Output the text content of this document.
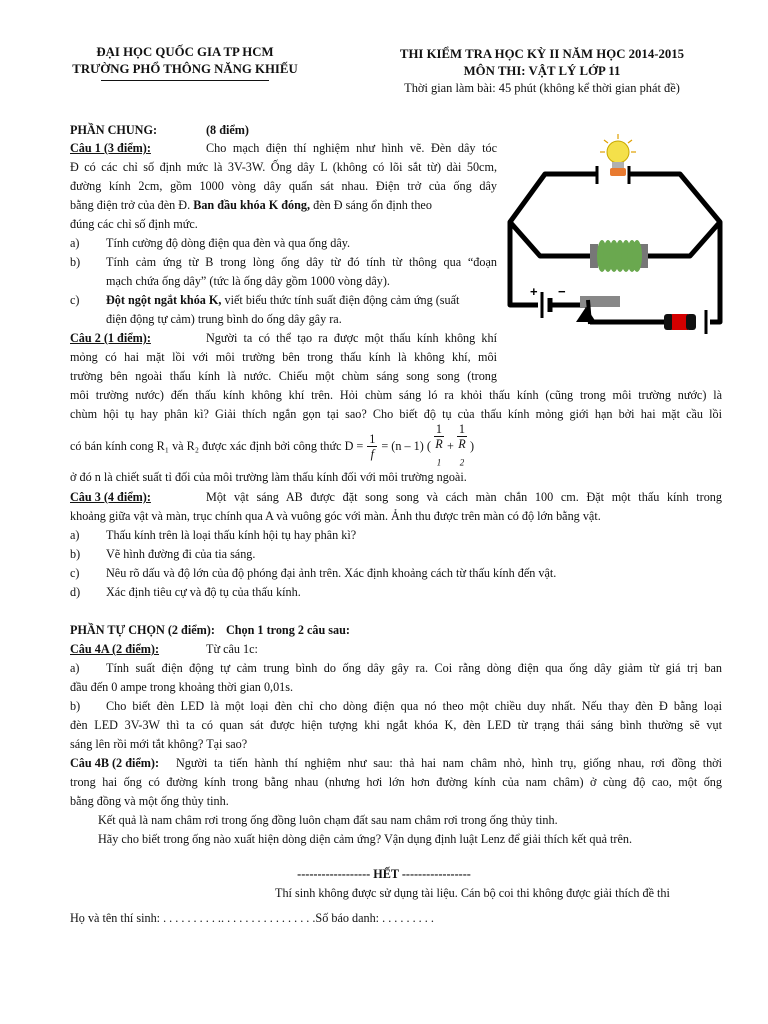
ĐẠI HỌC QUỐC GIA TP HCM
TRƯỜNG PHỔ THÔNG NĂNG KHIẾU
THI KIỂM TRA HỌC KỲ II NĂM HỌC 2014-2015
MÔN THI: VẬT LÝ LỚP 11
Thời gian làm bài: 45 phút (không kể thời gian phát đề)
PHẦN CHUNG:	(8 điểm)
Câu 1 (3 điểm):	Cho mạch điện thí nghiệm như hình vẽ. Đèn dây tóc
Đ có các chỉ số định mức là 3V-3W. Ống dây L (không có lõi sắt từ) dài 50cm,
đường kính 2cm, gồm 1000 vòng dây quấn sát nhau. Điện trở của ống dây
bằng điện trở của đèn Đ. Ban đầu khóa K đóng, đèn Đ sáng ổn định theo
đúng các chỉ số định mức.
a) Tính cường độ dòng điện qua đèn và qua ống dây.
b) Tính cảm ứng từ B trong lòng ống dây từ đó tính từ thông qua “đoạn
mạch chứa ống dây” (tức là ống dây gồm 1000 vòng dây).
c) Đột ngột ngắt khóa K, viết biểu thức tính suất điện động cảm ứng (suất
điện động tự cảm) trung bình do ống dây gây ra.
+ −
Câu 2 (1 điểm):	Người ta có thể tạo ra được một thấu kính không khí
mỏng có hai mặt lồi với môi trường bên trong thấu kính là không khí, môi
trường bên ngoài thấu kính là nước. Chiếu một chùm sáng song song (trong
môi trường nước) đến thấu kính không khí trên. Hỏi chùm sáng ló ra khỏi thấu kính (cũng trong môi trường nước) là
chùm hội tụ hay phân kì? Giải thích ngắn gọn tại sao? Cho biết độ tụ của thấu kính mỏng giới hạn bởi hai mặt cầu lồi
có bán kính cong R₁ và R₂ được xác định bởi công thức $D = \frac{1}{f} = (n - 1)$ ( 1
R
$_1$ + 1
R
$_2$ )
ở đó n là chiết suất tỉ đối của môi trường làm thấu kính đối với môi trường ngoài.
Câu 3 (4 điểm):	Một vật sáng AB được đặt song song và cách màn chắn 100 cm. Đặt một thấu kính trong
khoảng giữa vật và màn, trục chính qua A và vuông góc với màn. Ảnh thu được trên màn có độ lớn bằng vật.
a) Thấu kính trên là loại thấu kính hội tụ hay phân kì?
b) Vẽ hình đường đi của tia sáng.
c) Nêu rõ dấu và độ lớn của độ phóng đại ảnh trên. Xác định khoảng cách từ thấu kính đến vật.
d) Xác định tiêu cự và độ tụ của thấu kính.
PHẦN TỰ CHỌN (2 điểm): Chọn 1 trong 2 câu sau:
Câu 4A (2 điểm):	Từ câu 1c:
a) Tính suất điện động tự cảm trung bình do ống dây gây ra. Coi rằng dòng điện qua ống dây giảm từ giá trị ban
đầu đến 0 ampe trong khoảng thời gian 0,01s.
b) Cho biết đèn LED là một loại đèn chỉ cho dòng điện qua nó theo một chiều duy nhất. Nếu thay đèn Đ bằng loại
đèn LED 3V-3W thì ta có quan sát được hiện tượng khi ngắt khóa K, đèn LED từ trạng thái sáng bình thường sẽ vụt
sáng lên rồi mới tắt không? Tại sao?
Câu 4B (2 điểm): Người ta tiến hành thí nghiệm như sau: thả hai nam châm nhỏ, hình trụ, giống nhau, rơi đồng thời
trong hai ống có đường kính trong bằng nhau (nhưng hơi lớn hơn đường kính của nam châm) ở cùng độ cao, một ống
bằng đồng và một ống thủy tinh.
Kết quả là nam châm rơi trong ống đồng luôn chạm đất sau nam châm rơi trong ống thủy tinh.
Hãy cho biết trong ống nào xuất hiện dòng diện cảm ứng? Vận dụng định luật Lenz để giải thích kết quả trên.
------------------ HẾT -----------------
Thí sinh không được sử dụng tài liệu. Cán bộ coi thi không được giải thích đề thi
Họ và tên thí sinh: . . . . . . . . . .. . . . . . . . . . . . . . . .Số báo danh: . . . . . . . . .
